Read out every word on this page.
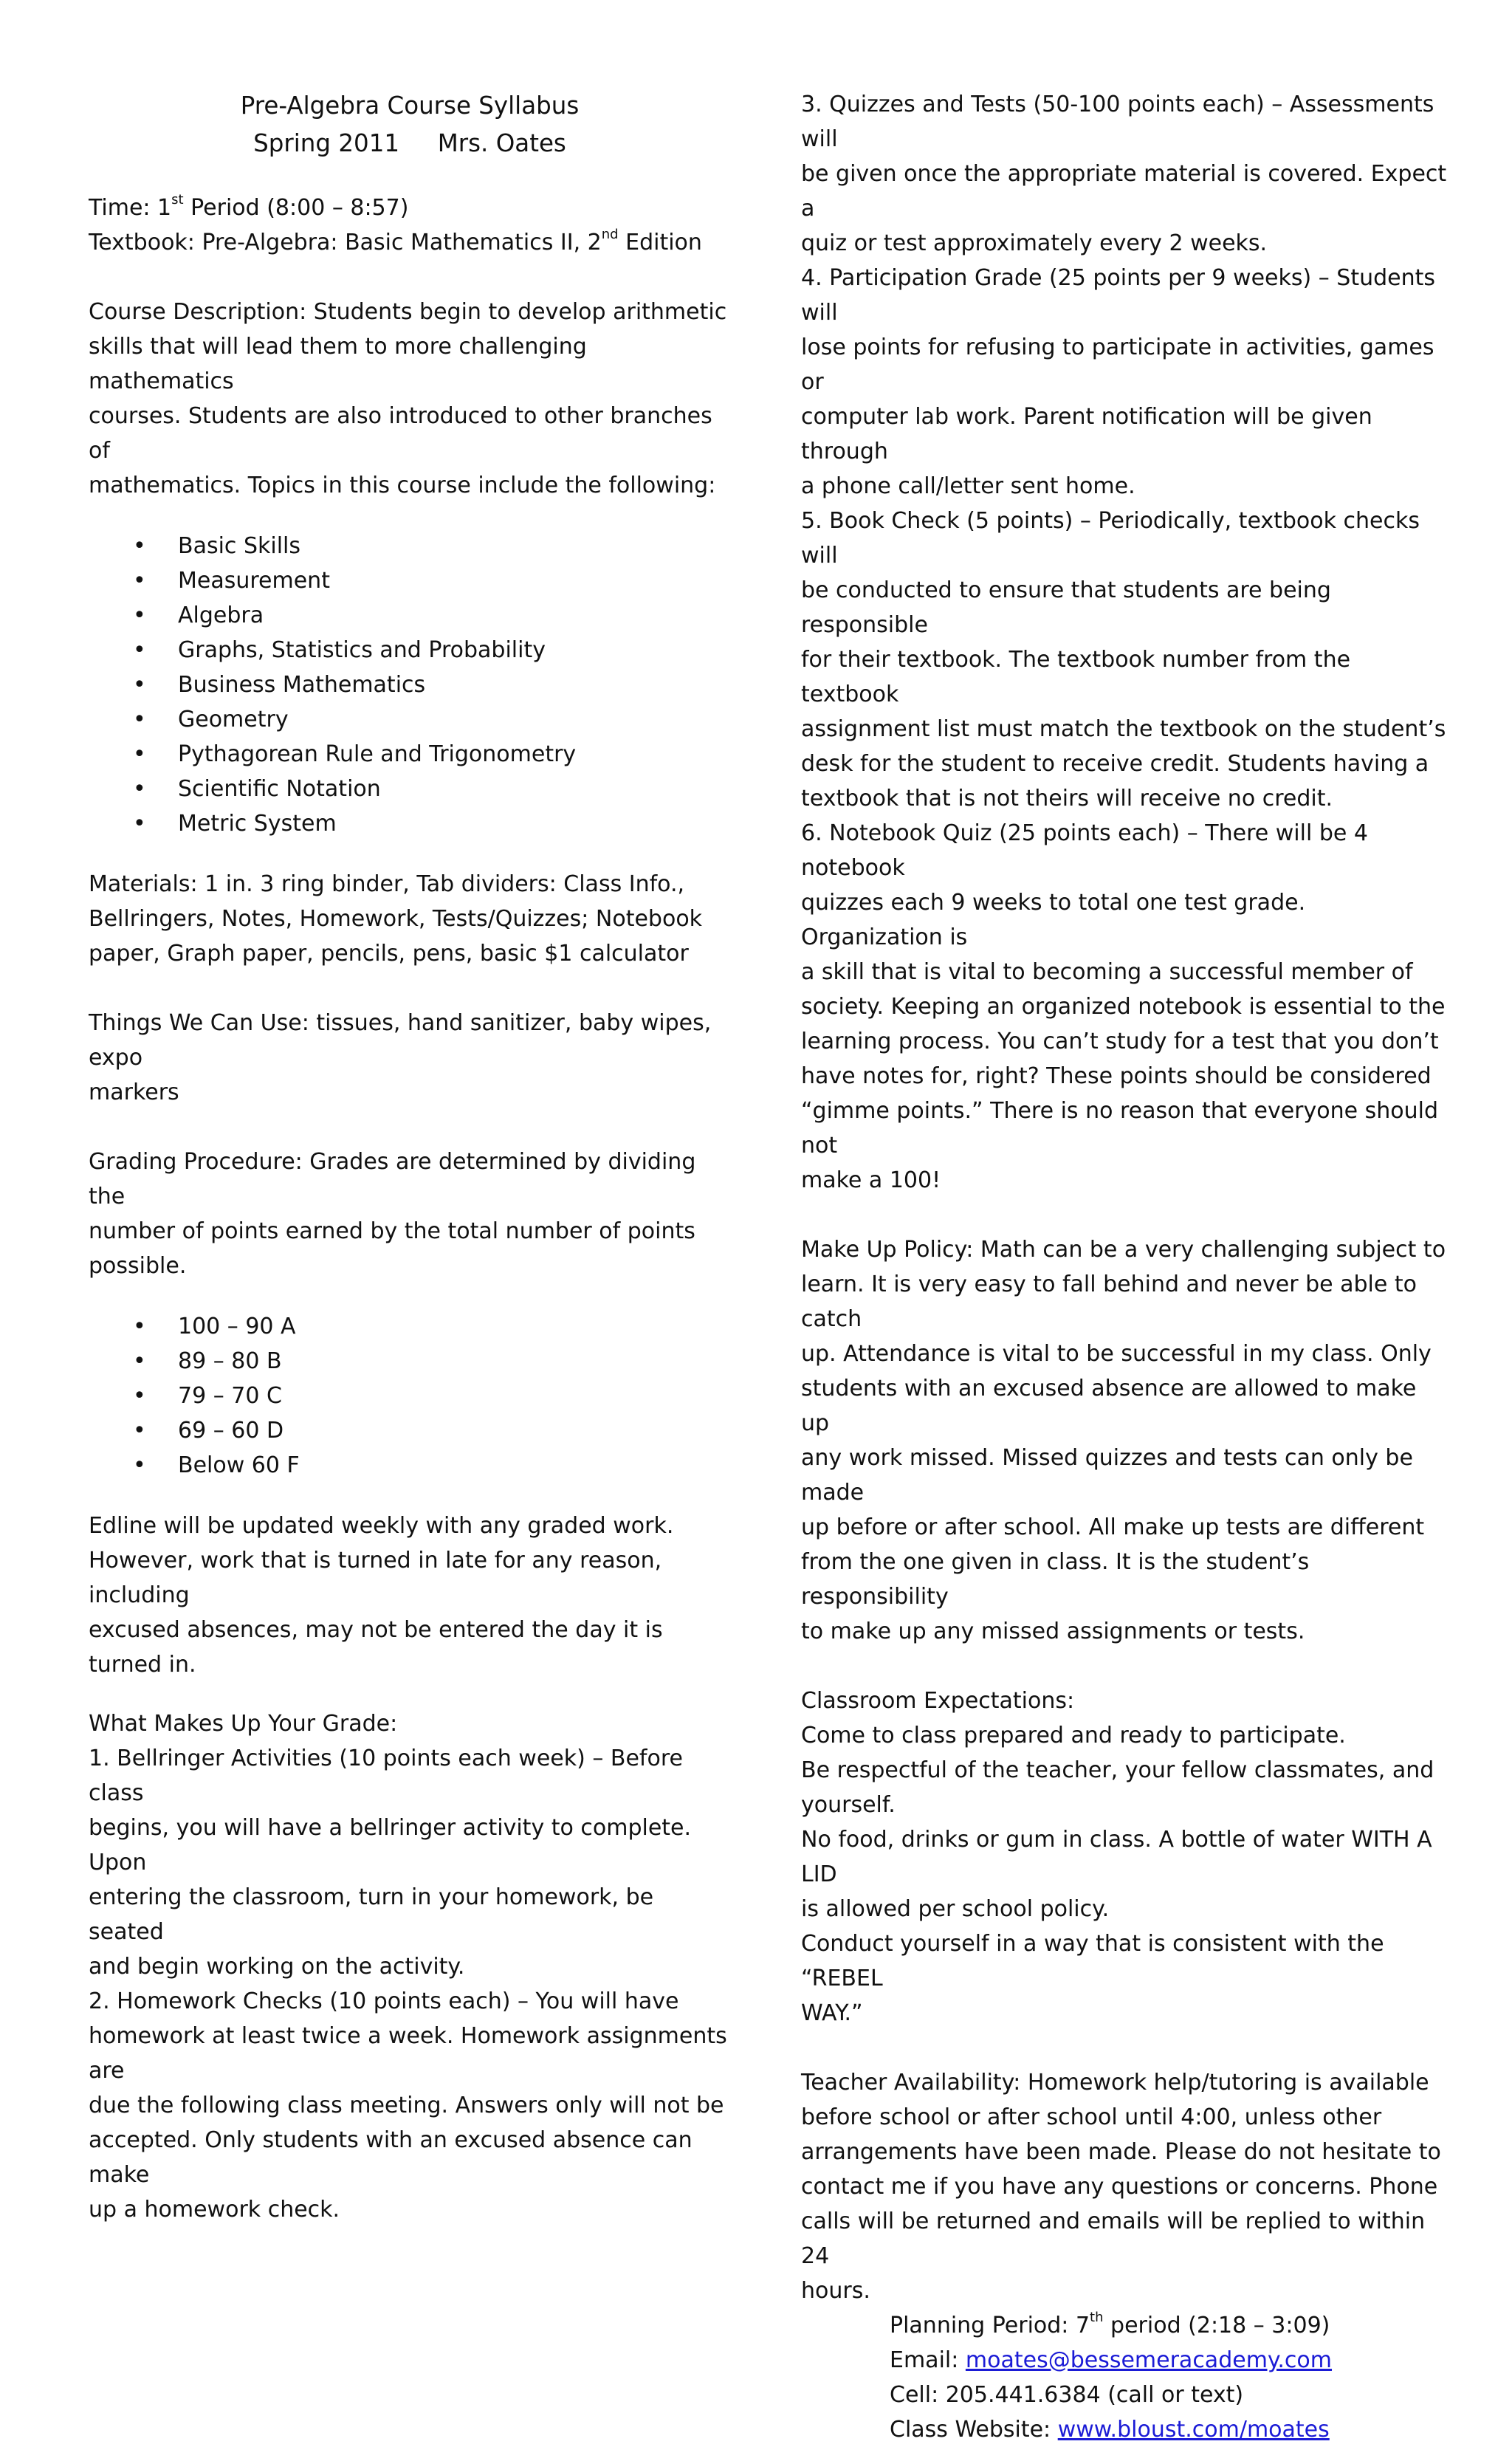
Pre-Algebra Course Syllabus

Spring 2011 Mrs. Oates

Time: 1st Period (8:00 – 8:57)

Textbook: Pre-Algebra: Basic Mathematics II, 2nd Edition

Course Description: Students begin to develop arithmetic

skills that will lead them to more challenging mathematics

courses. Students are also introduced to other branches of

mathematics. Topics in this course include the following:

• Basic Skills
• Measurement
• Algebra
• Graphs, Statistics and Probability
• Business Mathematics
• Geometry
• Pythagorean Rule and Trigonometry
• Scientific Notation
• Metric System

Materials: 1 in. 3 ring binder, Tab dividers: Class Info.,

Bellringers, Notes, Homework, Tests/Quizzes; Notebook

paper, Graph paper, pencils, pens, basic $1 calculator

Things We Can Use: tissues, hand sanitizer, baby wipes, expo

markers

Grading Procedure: Grades are determined by dividing the

number of points earned by the total number of points

possible.

• 100 – 90 A
• 89 – 80 B
• 79 – 70 C
• 69 – 60 D
• Below 60 F

Edline will be updated weekly with any graded work.

However, work that is turned in late for any reason, including

excused absences, may not be entered the day it is turned in.

What Makes Up Your Grade:

1. Bellringer Activities (10 points each week) – Before class

begins, you will have a bellringer activity to complete. Upon

entering the classroom, turn in your homework, be seated

and begin working on the activity.

2. Homework Checks (10 points each) – You will have

homework at least twice a week. Homework assignments are

due the following class meeting. Answers only will not be

accepted. Only students with an excused absence can make

up a homework check.

3. Quizzes and Tests (50-100 points each) – Assessments will

be given once the appropriate material is covered. Expect a

quiz or test approximately every 2 weeks.

4. Participation Grade (25 points per 9 weeks) – Students will

lose points for refusing to participate in activities, games or

computer lab work. Parent notification will be given through

a phone call/letter sent home.

5. Book Check (5 points) – Periodically, textbook checks will

be conducted to ensure that students are being responsible

for their textbook. The textbook number from the textbook

assignment list must match the textbook on the student’s

desk for the student to receive credit. Students having a

textbook that is not theirs will receive no credit.

6. Notebook Quiz (25 points each) – There will be 4 notebook

quizzes each 9 weeks to total one test grade. Organization is

a skill that is vital to becoming a successful member of

society. Keeping an organized notebook is essential to the

learning process. You can’t study for a test that you don’t

have notes for, right? These points should be considered

“gimme points.” There is no reason that everyone should not

make a 100!

Make Up Policy: Math can be a very challenging subject to

learn. It is very easy to fall behind and never be able to catch

up. Attendance is vital to be successful in my class. Only

students with an excused absence are allowed to make up

any work missed. Missed quizzes and tests can only be made

up before or after school. All make up tests are different

from the one given in class. It is the student’s responsibility

to make up any missed assignments or tests.

Classroom Expectations:

Come to class prepared and ready to participate.

Be respectful of the teacher, your fellow classmates, and

yourself.

No food, drinks or gum in class. A bottle of water WITH A LID

is allowed per school policy.

Conduct yourself in a way that is consistent with the “REBEL

WAY.”

Teacher Availability: Homework help/tutoring is available

before school or after school until 4:00, unless other

arrangements have been made. Please do not hesitate to

contact me if you have any questions or concerns. Phone

calls will be returned and emails will be replied to within 24

hours.

Planning Period: 7th period (2:18 – 3:09)

Email: moates@bessemeracademy.com

Cell: 205.441.6384 (call or text)

Class Website: www.bloust.com/moates
